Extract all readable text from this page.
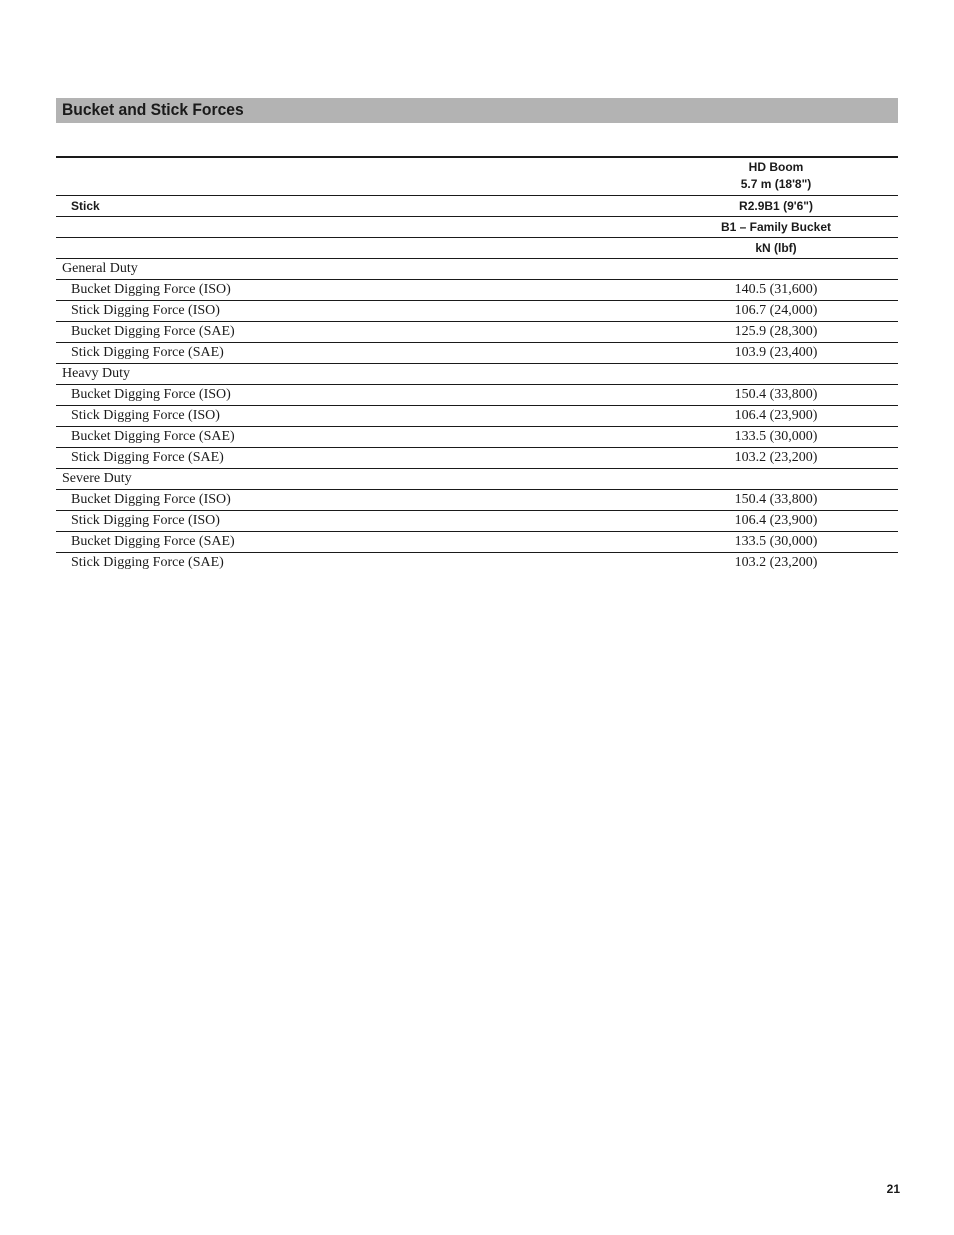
Bucket and Stick Forces
HD Boom
5.7 m (18'8")
Stick	R2.9B1 (9'6")
B1 – Family Bucket
kN (lbf)
General Duty
Bucket Digging Force (ISO)	140.5 (31,600)
Stick Digging Force (ISO)	106.7 (24,000)
Bucket Digging Force (SAE)	125.9 (28,300)
Stick Digging Force (SAE)	103.9 (23,400)
Heavy Duty
Bucket Digging Force (ISO)	150.4 (33,800)
Stick Digging Force (ISO)	106.4 (23,900)
Bucket Digging Force (SAE)	133.5 (30,000)
Stick Digging Force (SAE)	103.2 (23,200)
Severe Duty
Bucket Digging Force (ISO)	150.4 (33,800)
Stick Digging Force (ISO)	106.4 (23,900)
Bucket Digging Force (SAE)	133.5 (30,000)
Stick Digging Force (SAE)	103.2 (23,200)
21
